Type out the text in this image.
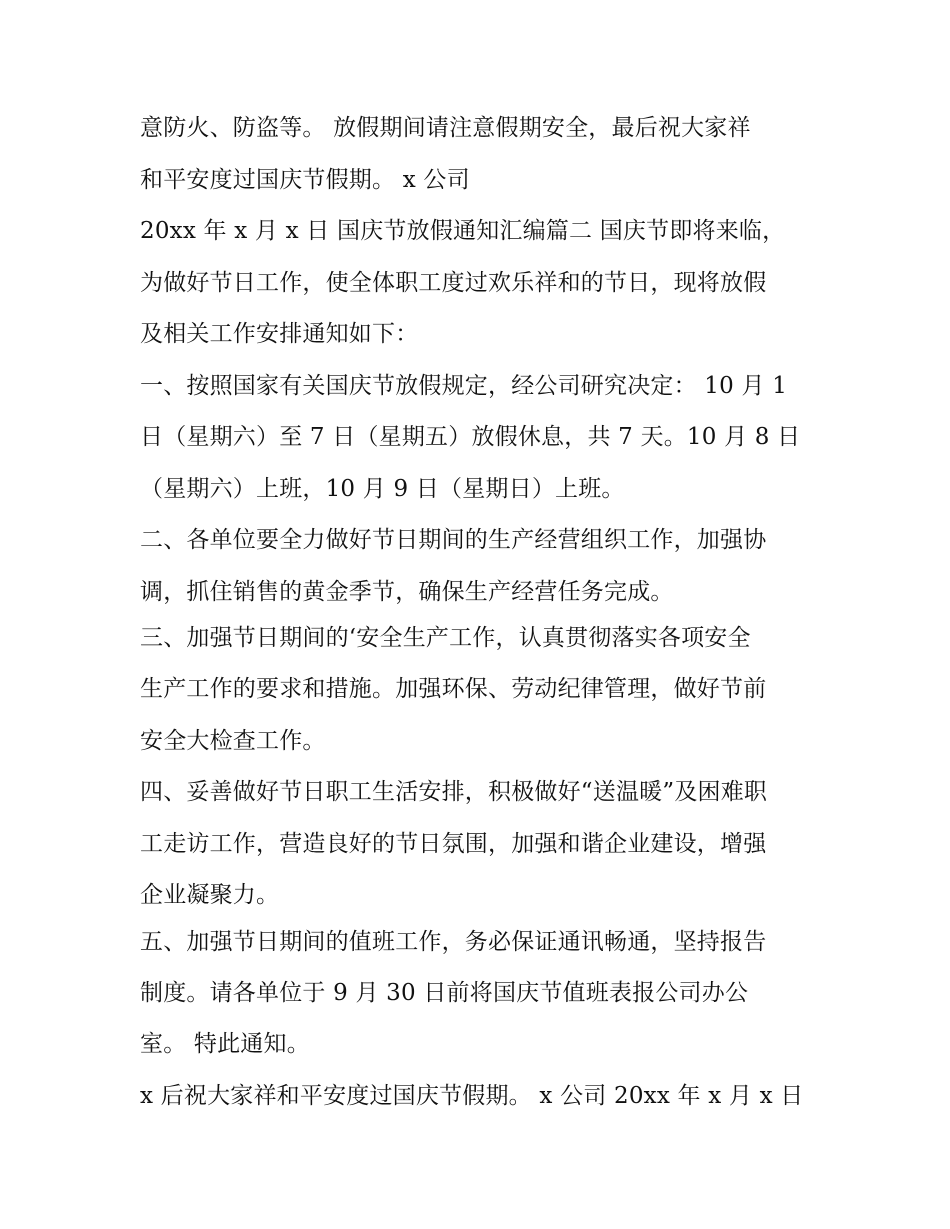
意防火、防盗等。 放假期间请注意假期安全，最后祝大家祥
和平安度过国庆节假期。 x 公司
20xx 年 x 月 x 日 国庆节放假通知汇编篇二 国庆节即将来临，
为做好节日工作，使全体职工度过欢乐祥和的节日，现将放假
及相关工作安排通知如下：
一、按照国家有关国庆节放假规定，经公司研究决定： 10 月 1
日（星期六）至 7 日（星期五）放假休息，共 7 天。10 月 8 日
（星期六）上班，10 月 9 日（星期日）上班。
二、各单位要全力做好节日期间的生产经营组织工作，加强协
调，抓住销售的黄金季节，确保生产经营任务完成。
三、加强节日期间的‘安全生产工作，认真贯彻落实各项安全
生产工作的要求和措施。加强环保、劳动纪律管理，做好节前
安全大检查工作。
四、妥善做好节日职工生活安排，积极做好“送温暖”及困难职
工走访工作，营造良好的节日氛围，加强和谐企业建设，增强
企业凝聚力。
五、加强节日期间的值班工作，务必保证通讯畅通，坚持报告
制度。请各单位于 9 月 30 日前将国庆节值班表报公司办公
室。 特此通知。
x 后祝大家祥和平安度过国庆节假期。 x 公司 20xx 年 x 月 x 日
